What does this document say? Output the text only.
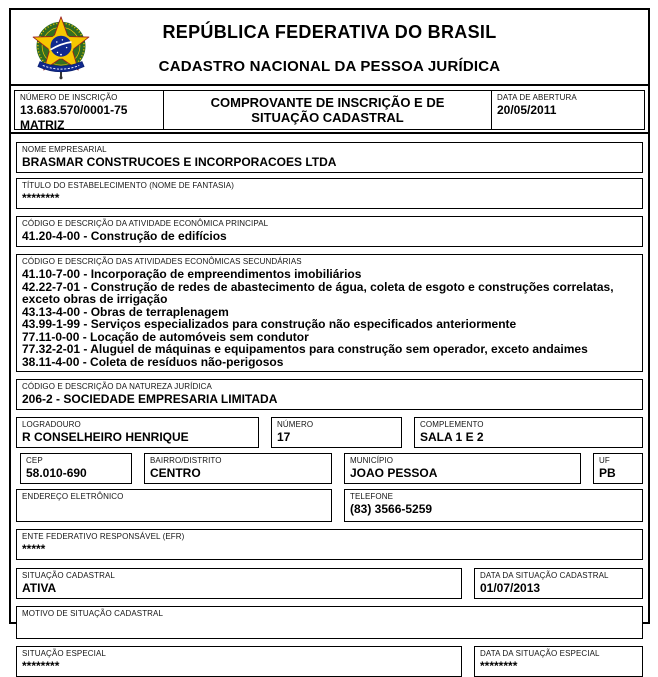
REPÚBLICA FEDERATIVA DO BRASIL
CADASTRO NACIONAL DA PESSOA JURÍDICA
NÚMERO DE INSCRIÇÃO
13.683.570/0001-75
MATRIZ
COMPROVANTE DE INSCRIÇÃO E DE SITUAÇÃO CADASTRAL
DATA DE ABERTURA
20/05/2011
NOME EMPRESARIAL
BRASMAR CONSTRUCOES E INCORPORACOES LTDA
TÍTULO DO ESTABELECIMENTO (NOME DE FANTASIA)
********
CÓDIGO E DESCRIÇÃO DA ATIVIDADE ECONÔMICA PRINCIPAL
41.20-4-00 - Construção de edifícios
CÓDIGO E DESCRIÇÃO DAS ATIVIDADES ECONÔMICAS SECUNDÁRIAS
41.10-7-00 - Incorporação de empreendimentos imobiliários
42.22-7-01 - Construção de redes de abastecimento de água, coleta de esgoto e construções correlatas, exceto obras de irrigação
43.13-4-00 - Obras de terraplenagem
43.99-1-99 - Serviços especializados para construção não especificados anteriormente
77.11-0-00 - Locação de automóveis sem condutor
77.32-2-01 - Aluguel de máquinas e equipamentos para construção sem operador, exceto andaimes
38.11-4-00 - Coleta de resíduos não-perigosos
CÓDIGO E DESCRIÇÃO DA NATUREZA JURÍDICA
206-2 - SOCIEDADE EMPRESARIA LIMITADA
LOGRADOURO
R CONSELHEIRO HENRIQUE
NÚMERO
17
COMPLEMENTO
SALA 1 E 2
CEP
58.010-690
BAIRRO/DISTRITO
CENTRO
MUNICÍPIO
JOAO PESSOA
UF
PB
ENDEREÇO ELETRÔNICO	TELEFONE
(83) 3566-5259
ENTE FEDERATIVO RESPONSÁVEL (EFR)
*****
SITUAÇÃO CADASTRAL
ATIVA
DATA DA SITUAÇÃO CADASTRAL
01/07/2013
MOTIVO DE SITUAÇÃO CADASTRAL
SITUAÇÃO ESPECIAL
********
DATA DA SITUAÇÃO ESPECIAL
********
